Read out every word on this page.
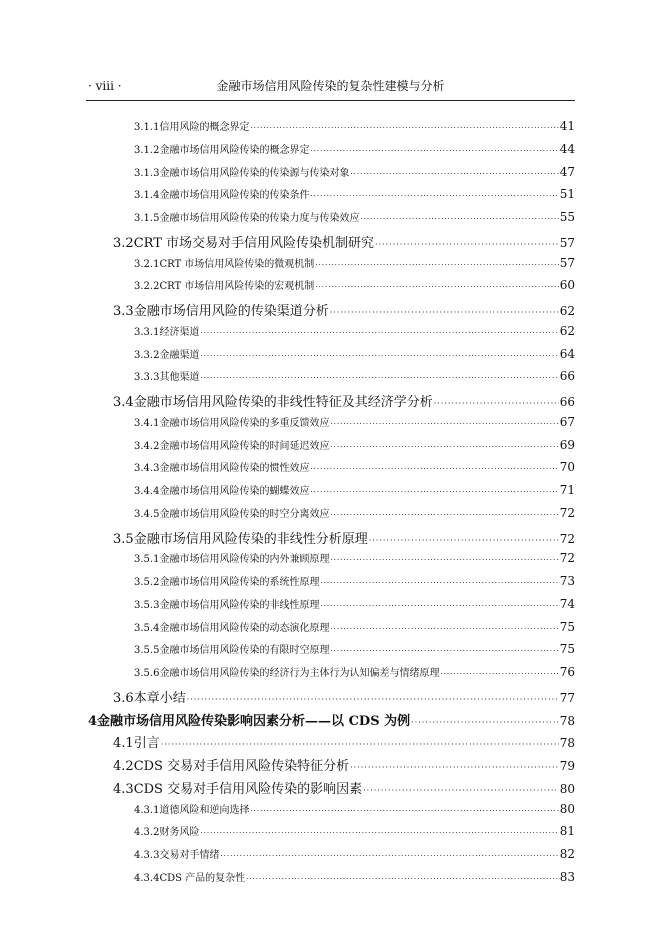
· viii ·	金融市场信用风险传染的复杂性建模与分析
3.1.1 信用风险的概念界定 ·····	41
3.1.2 金融市场信用风险传染的概念界定 ·····	44
3.1.3 金融市场信用风险传染的传染源与传染对象 ·····	47
3.1.4 金融市场信用风险传染的传染条件 ·····	51
3.1.5 金融市场信用风险传染的传染力度与传染效应 ·····	55
3.2 CRT 市场交易对手信用风险传染机制研究 ·····	57
3.2.1 CRT 市场信用风险传染的微观机制 ·····	57
3.2.2 CRT 市场信用风险传染的宏观机制 ·····	60
3.3 金融市场信用风险的传染渠道分析 ·····	62
3.3.1 经济渠道 ·····	62
3.3.2 金融渠道 ·····	64
3.3.3 其他渠道 ·····	66
3.4 金融市场信用风险传染的非线性特征及其经济学分析 ·····	66
3.4.1 金融市场信用风险传染的多重反馈效应 ·····	67
3.4.2 金融市场信用风险传染的时间延迟效应 ·····	69
3.4.3 金融市场信用风险传染的惯性效应 ·····	70
3.4.4 金融市场信用风险传染的蝴蝶效应 ·····	71
3.4.5 金融市场信用风险传染的时空分离效应 ·····	72
3.5 金融市场信用风险传染的非线性分析原理 ·····	72
3.5.1 金融市场信用风险传染的内外兼顾原理 ·····	72
3.5.2 金融市场信用风险传染的系统性原理 ·····	73
3.5.3 金融市场信用风险传染的非线性原理 ·····	74
3.5.4 金融市场信用风险传染的动态演化原理 ·····	75
3.5.5 金融市场信用风险传染的有限时空原理 ·····	75
3.5.6 金融市场信用风险传染的经济行为主体行为认知偏差与情绪原理 ·····	76
3.6 本章小结 ·····	77
4 金融市场信用风险传染影响因素分析——以 CDS 为例 ·····	78
4.1 引言 ·····	78
4.2 CDS 交易对手信用风险传染特征分析 ·····	79
4.3 CDS 交易对手信用风险传染的影响因素 ·····	80
4.3.1 道德风险和逆向选择 ·····	80
4.3.2 财务风险 ·····	81
4.3.3 交易对手情绪 ·····	82
4.3.4 CDS 产品的复杂性 ·····	83
